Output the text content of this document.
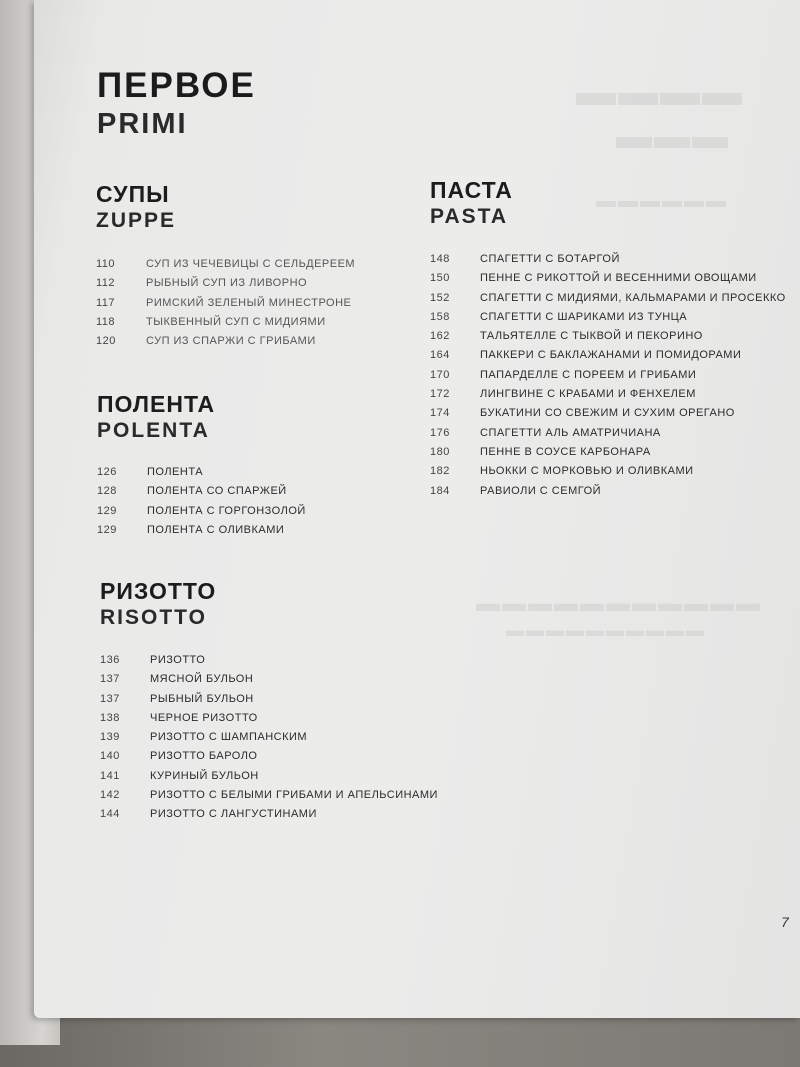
▬▬▬▬
▬▬▬
▬▬▬▬▬▬
▬▬▬▬▬▬▬▬▬▬▬
▬▬▬▬▬▬▬▬▬▬
ПЕРВОЕ
PRIMI
СУПЫ
ZUPPE
110	СУП ИЗ ЧЕЧЕВИЦЫ С СЕЛЬДЕРЕЕМ
112	РЫБНЫЙ СУП ИЗ ЛИВОРНО
117	РИМСКИЙ ЗЕЛЕНЫЙ МИНЕСТРОНЕ
118	ТЫКВЕННЫЙ СУП С МИДИЯМИ
120	СУП ИЗ СПАРЖИ С ГРИБАМИ
ПОЛЕНТА
POLENTA
126	ПОЛЕНТА
128	ПОЛЕНТА СО СПАРЖЕЙ
129	ПОЛЕНТА С ГОРГОНЗОЛОЙ
129	ПОЛЕНТА С ОЛИВКАМИ
РИЗОТТО
RISOTTO
136	РИЗОТТО
137	МЯСНОЙ БУЛЬОН
137	РЫБНЫЙ БУЛЬОН
138	ЧЕРНОЕ РИЗОТТО
139	РИЗОТТО С ШАМПАНСКИМ
140	РИЗОТТО БАРОЛО
141	КУРИНЫЙ БУЛЬОН
142	РИЗОТТО С БЕЛЫМИ ГРИБАМИ И АПЕЛЬСИНАМИ
144	РИЗОТТО С ЛАНГУСТИНАМИ
ПАСТА
PASTA
148	СПАГЕТТИ С БОТАРГОЙ
150	ПЕННЕ С РИКОТТОЙ И ВЕСЕННИМИ ОВОЩАМИ
152	СПАГЕТТИ С МИДИЯМИ, КАЛЬМАРАМИ И ПРОСЕККО
158	СПАГЕТТИ С ШАРИКАМИ ИЗ ТУНЦА
162	ТАЛЬЯТЕЛЛЕ С ТЫКВОЙ И ПЕКОРИНО
164	ПАККЕРИ С БАКЛАЖАНАМИ И ПОМИДОРАМИ
170	ПАПАРДЕЛЛЕ С ПОРЕЕМ И ГРИБАМИ
172	ЛИНГВИНЕ С КРАБАМИ И ФЕНХЕЛЕМ
174	БУКАТИНИ СО СВЕЖИМ И СУХИМ ОРЕГАНО
176	СПАГЕТТИ АЛЬ АМАТРИЧИАНА
180	ПЕННЕ В СОУСЕ КАРБОНАРА
182	НЬОККИ С МОРКОВЬЮ И ОЛИВКАМИ
184	РАВИОЛИ С СЕМГОЙ
7
